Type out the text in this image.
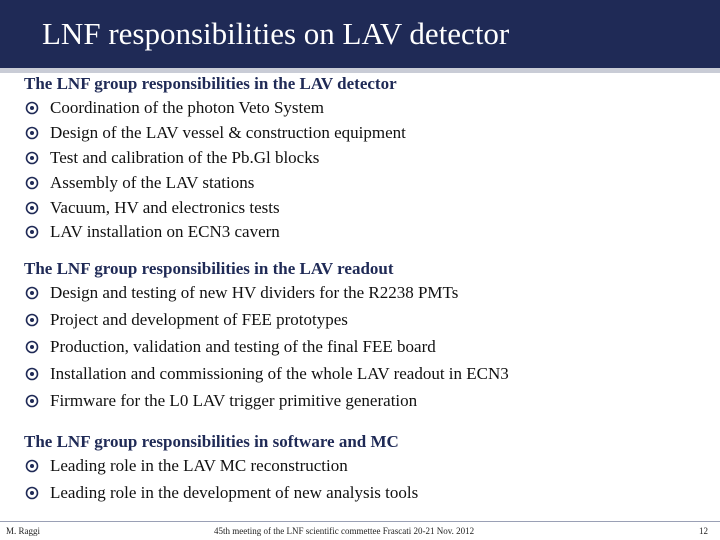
LNF responsibilities on LAV detector

The LNF group responsibilities in the LAV detector

Coordination of the photon Veto System
Design of the LAV vessel & construction equipment
Test and calibration of the Pb.Gl blocks
Assembly of the LAV stations
Vacuum, HV and electronics tests
LAV installation on ECN3 cavern

The LNF group responsibilities in the LAV readout

Design and testing of new HV dividers for the R2238 PMTs
Project and development of FEE prototypes
Production, validation and testing of the final FEE board
Installation and commissioning of the whole LAV readout in ECN3
Firmware for the L0 LAV trigger primitive generation

The LNF group responsibilities in software and MC

Leading role in the LAV MC reconstruction
Leading role in the development of new analysis tools
M. Raggi	45th meeting of the LNF scientific commettee Frascati 20-21 Nov. 2012	12
